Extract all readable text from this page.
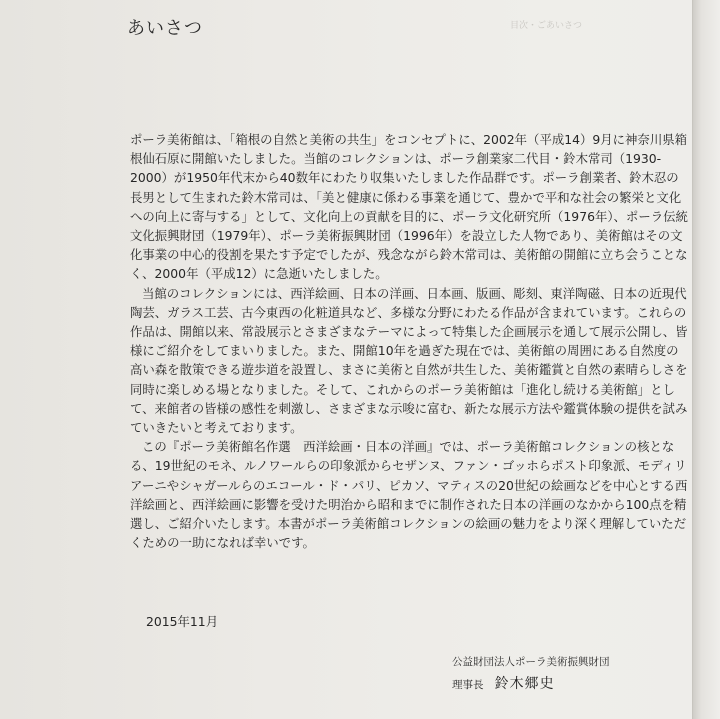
あいさつ	目次・ごあいさつ

ポーラ美術館は、「箱根の自然と美術の共生」をコンセプトに、2002年（平成14）9月に神奈川県箱根仙石原に開館いたしました。当館のコレクションは、ポーラ創業家二代目・鈴木常司（1930-2000）が1950年代末から40数年にわたり収集いたしました作品群です。ポーラ創業者、鈴木忍の長男として生まれた鈴木常司は、「美と健康に係わる事業を通じて、豊かで平和な社会の繁栄と文化への向上に寄与する」として、文化向上の貢献を目的に、ポーラ文化研究所（1976年）、ポーラ伝統文化振興財団（1979年）、ポーラ美術振興財団（1996年）を設立した人物であり、美術館はその文化事業の中心的役割を果たす予定でしたが、残念ながら鈴木常司は、美術館の開館に立ち会うことなく、2000年（平成12）に急逝いたしました。

当館のコレクションには、西洋絵画、日本の洋画、日本画、版画、彫刻、東洋陶磁、日本の近現代陶芸、ガラス工芸、古今東西の化粧道具など、多様な分野にわたる作品が含まれています。これらの作品は、開館以来、常設展示とさまざまなテーマによって特集した企画展示を通して展示公開し、皆様にご紹介をしてまいりました。また、開館10年を過ぎた現在では、美術館の周囲にある自然度の高い森を散策できる遊歩道を設置し、まさに美術と自然が共生した、美術鑑賞と自然の素晴らしさを同時に楽しめる場となりました。そして、これからのポーラ美術館は「進化し続ける美術館」として、来館者の皆様の感性を刺激し、さまざまな示唆に富む、新たな展示方法や鑑賞体験の提供を試みていきたいと考えております。

この『ポーラ美術館名作選　西洋絵画・日本の洋画』では、ポーラ美術館コレクションの核となる、19世紀のモネ、ルノワールらの印象派からセザンヌ、ファン・ゴッホらポスト印象派、モディリアーニやシャガールらのエコール・ド・パリ、ピカソ、マティスの20世紀の絵画などを中心とする西洋絵画と、西洋絵画に影響を受けた明治から昭和までに制作された日本の洋画のなかから100点を精選し、ご紹介いたします。本書がポーラ美術館コレクションの絵画の魅力をより深く理解していただくための一助になれば幸いです。

2015年11月
公益財団法人ポーラ美術振興財団
理事長 鈴木郷史
